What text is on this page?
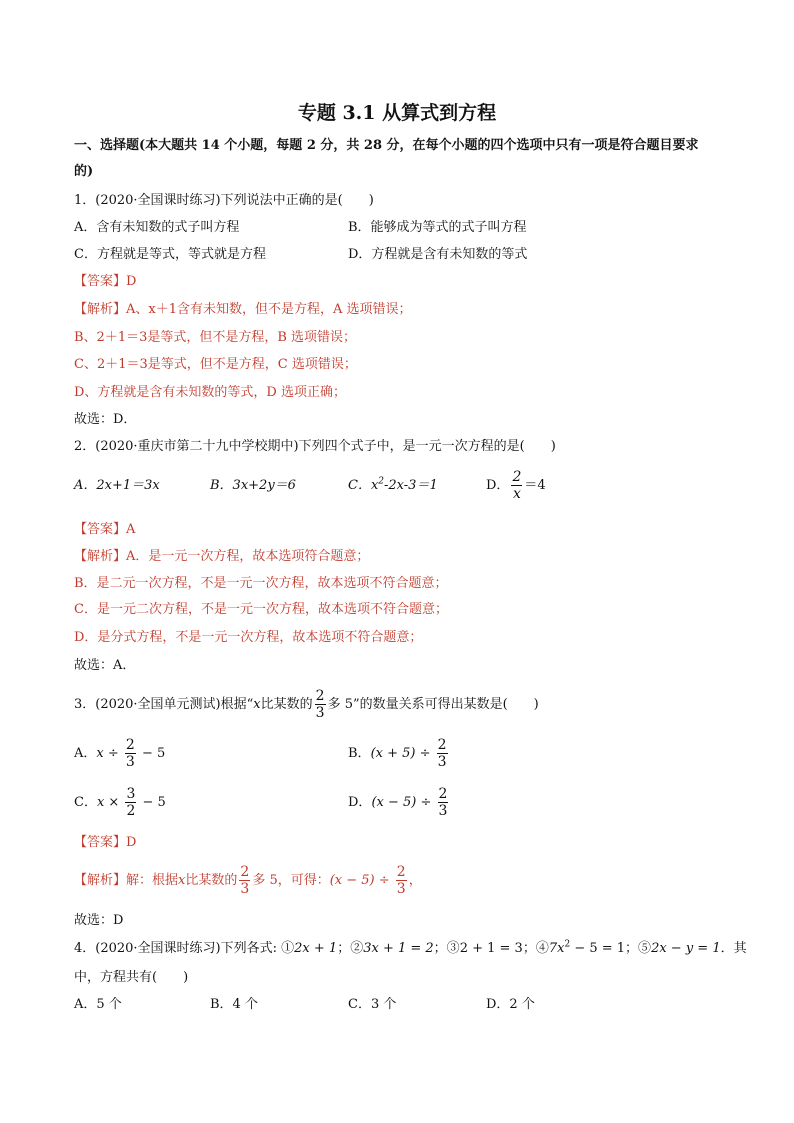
专题 3.1 从算式到方程
一、选择题(本大题共 14 个小题，每题 2 分，共 28 分，在每个小题的四个选项中只有一项是符合题目要求
的)
1．(2020·全国课时练习)下列说法中正确的是(　　)
A．含有未知数的式子叫方程	B．能够成为等式的式子叫方程
C．方程就是等式，等式就是方程	D．方程就是含有未知数的等式
【答案】D
【解析】A、x＋1含有未知数，但不是方程，A 选项错误；
B、2＋1＝3是等式，但不是方程，B 选项错误；
C、2＋1＝3是等式，但不是方程，C 选项错误；
D、方程就是含有未知数的等式，D 选项正确；
故选：D．
2．(2020·重庆市第二十九中学校期中)下列四个式子中，是一元一次方程的是(　　)
A．2x+1＝3x	B．3x+2y＝6	C．$x^2-2x-3=1$	D． $\frac{2}{x} =4$
【答案】A
【解析】A．是一元一次方程，故本选项符合题意；
B．是二元一次方程，不是一元一次方程，故本选项不符合题意；
C．是一元二次方程，不是一元一次方程，故本选项不符合题意；
D．是分式方程，不是一元一次方程，故本选项不符合题意；
故选：A．
3．(2020·全国单元测试)根据“x比某数的 $\frac{2}{3}$ 多 5”的数量关系可得出某数是(　　)
A．$x \div \frac{2}{3} - 5$	B．$(x + 5) \div \frac{2}{3}$
C．$x \times \frac{3}{2} - 5$	D．$(x - 5) \div \frac{2}{3}$
【答案】D
【解析】解：根据x比某数的 $\frac{2}{3}$ 多 5，可得：$(x - 5) \div \frac{2}{3}$ ，
故选：D
4．(2020·全国课时练习)下列各式: ①2x + 1；②3x + 1 = 2；③2 + 1 = 3；$④7x^2 - 5 = 1$；⑤2x − y = 1．其
中，方程共有(　　)
A．5 个	B．4 个	C．3 个	D．2 个
